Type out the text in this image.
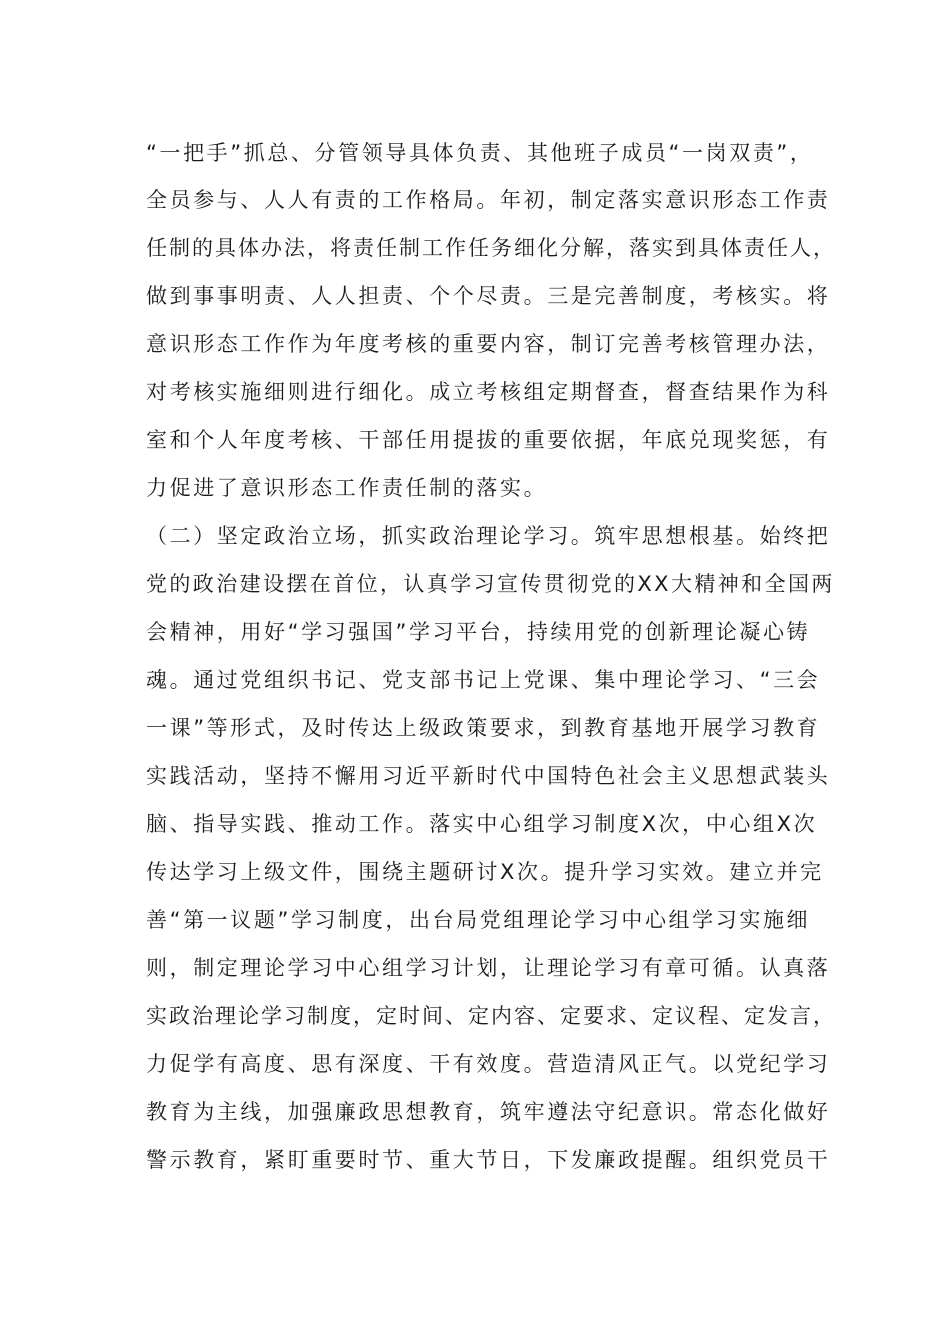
“一把手”抓总、分管领导具体负责、其他班子成员“一岗双责”，
全员参与、人人有责的工作格局。年初，制定落实意识形态工作责
任制的具体办法，将责任制工作任务细化分解，落实到具体责任人，
做到事事明责、人人担责、个个尽责。三是完善制度，考核实。将
意识形态工作作为年度考核的重要内容，制订完善考核管理办法，
对考核实施细则进行细化。成立考核组定期督查，督查结果作为科
室和个人年度考核、干部任用提拔的重要依据，年底兑现奖惩，有
力促进了意识形态工作责任制的落实。
（二）坚定政治立场，抓实政治理论学习。筑牢思想根基。始终把
党的政治建设摆在首位，认真学习宣传贯彻党的XX大精神和全国两
会精神，用好“学习强国”学习平台，持续用党的创新理论凝心铸
魂。通过党组织书记、党支部书记上党课、集中理论学习、“三会
一课”等形式，及时传达上级政策要求，到教育基地开展学习教育
实践活动，坚持不懈用习近平新时代中国特色社会主义思想武装头
脑、指导实践、推动工作。落实中心组学习制度X次，中心组X次
传达学习上级文件，围绕主题研讨X次。提升学习实效。建立并完
善“第一议题”学习制度，出台局党组理论学习中心组学习实施细
则，制定理论学习中心组学习计划，让理论学习有章可循。认真落
实政治理论学习制度，定时间、定内容、定要求、定议程、定发言，
力促学有高度、思有深度、干有效度。营造清风正气。以党纪学习
教育为主线，加强廉政思想教育，筑牢遵法守纪意识。常态化做好
警示教育，紧盯重要时节、重大节日，下发廉政提醒。组织党员干
